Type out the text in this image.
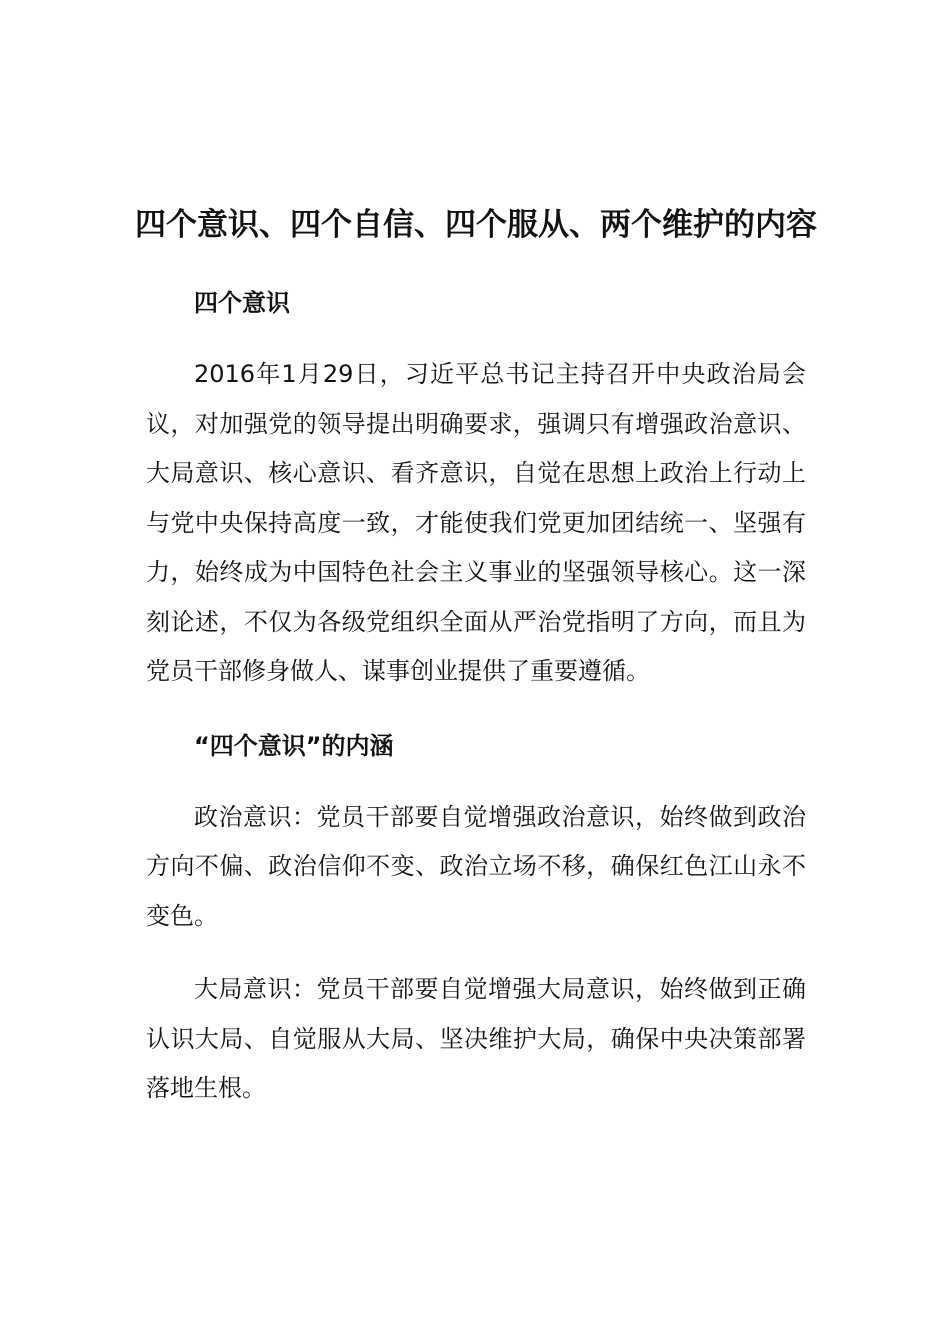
四个意识、四个自信、四个服从、两个维护的内容

四个意识

2016年1月29日，习近平总书记主持召开中央政治局会议，对加强党的领导提出明确要求，强调只有增强政治意识、大局意识、核心意识、看齐意识，自觉在思想上政治上行动上与党中央保持高度一致，才能使我们党更加团结统一、坚强有力，始终成为中国特色社会主义事业的坚强领导核心。这一深刻论述，不仅为各级党组织全面从严治党指明了方向，而且为党员干部修身做人、谋事创业提供了重要遵循。

“四个意识”的内涵

政治意识：党员干部要自觉增强政治意识，始终做到政治方向不偏、政治信仰不变、政治立场不移，确保红色江山永不变色。

大局意识：党员干部要自觉增强大局意识，始终做到正确认识大局、自觉服从大局、坚决维护大局，确保中央决策部署落地生根。
